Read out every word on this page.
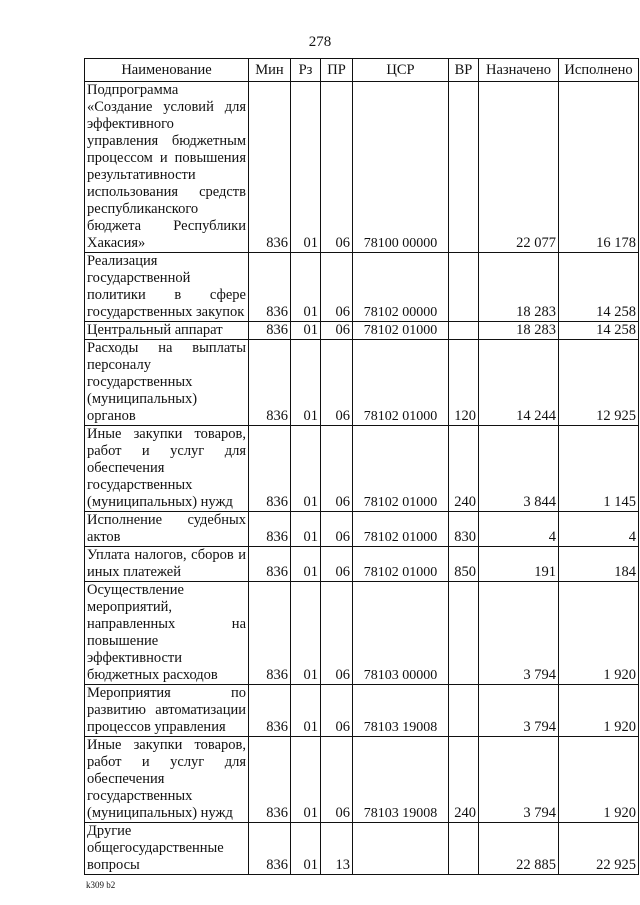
278
Наименование	Мин	Рз	ПР	ЦСР	ВР	Назначено	Исполнено
Подпрограмма «Создание условий для эффективного управления бюджетным процессом и повышения результативности использования средств республиканского бюджета Республики Хакасия»	836	01	06	78100 00000		22 077	16 178
Реализация государственной политики в сфере государственных закупок	836	01	06	78102 00000		18 283	14 258
Центральный аппарат	836	01	06	78102 01000		18 283	14 258
Расходы на выплаты персоналу государственных (муниципальных) органов	836	01	06	78102 01000	120	14 244	12 925
Иные закупки товаров, работ и услуг для обеспечения государственных (муниципальных) нужд	836	01	06	78102 01000	240	3 844	1 145
Исполнение судебных актов	836	01	06	78102 01000	830	4	4
Уплата налогов, сборов и иных платежей	836	01	06	78102 01000	850	191	184
Осуществление мероприятий, направленных на повышение эффективности бюджетных расходов	836	01	06	78103 00000		3 794	1 920
Мероприятия по развитию автоматизации процессов управления	836	01	06	78103 19008		3 794	1 920
Иные закупки товаров, работ и услуг для обеспечения государственных (муниципальных) нужд	836	01	06	78103 19008	240	3 794	1 920
Другие общегосударственные вопросы	836	01	13			22 885	22 925
k309 b2
